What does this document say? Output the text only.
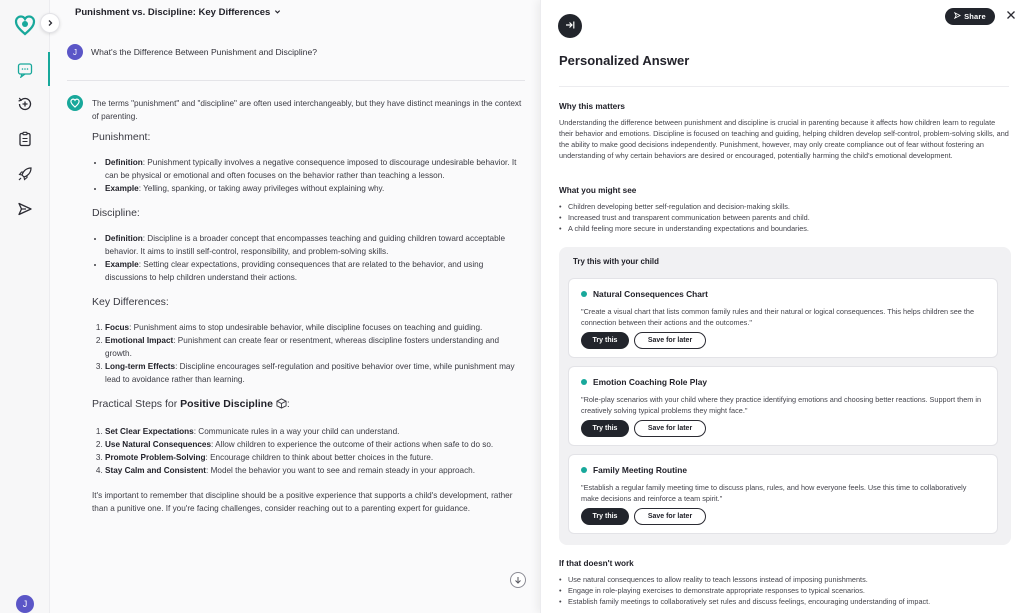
J
Punishment vs. Discipline: Key Differences
J	What's the Difference Between Punishment and Discipline?

The terms "punishment" and "discipline" are often used interchangeably, but they have distinct meanings in the context of parenting.

Punishment:
• Definition: Punishment typically involves a negative consequence imposed to discourage undesirable behavior. It can be physical or emotional and often focuses on the behavior rather than teaching a lesson.
• Example: Yelling, spanking, or taking away privileges without explaining why.
Discipline:
• Definition: Discipline is a broader concept that encompasses teaching and guiding children toward acceptable behavior. It aims to instill self-control, responsibility, and problem-solving skills.
• Example: Setting clear expectations, providing consequences that are related to the behavior, and using discussions to help children understand their actions.
Key Differences:
1. Focus: Punishment aims to stop undesirable behavior, while discipline focuses on teaching and guiding.
2. Emotional Impact: Punishment can create fear or resentment, whereas discipline fosters understanding and growth.
3. Long-term Effects: Discipline encourages self-regulation and positive behavior over time, while punishment may lead to avoidance rather than learning.
Practical Steps for Positive Discipline :
1. Set Clear Expectations: Communicate rules in a way your child can understand.
2. Use Natural Consequences: Allow children to experience the outcome of their actions when safe to do so.
3. Promote Problem-Solving: Encourage children to think about better choices in the future.
4. Stay Calm and Consistent: Model the behavior you want to see and remain steady in your approach.

It's important to remember that discipline should be a positive experience that supports a child's development, rather than a punitive one. If you're facing challenges, consider reaching out to a parenting expert for guidance.

Share
Personalized Answer
Why this matters
Understanding the difference between punishment and discipline is crucial in parenting because it affects how children learn to regulate their behavior and emotions. Discipline is focused on teaching and guiding, helping children develop self-control, problem-solving skills, and the ability to make good decisions independently. Punishment, however, may only create compliance out of fear without fostering an understanding of why certain behaviors are desired or encouraged, potentially harming the child's emotional development.
What you might see
• Children developing better self-regulation and decision-making skills.
• Increased trust and transparent communication between parents and child.
• A child feeling more secure in understanding expectations and boundaries.
Try this with your child
Natural Consequences Chart
"Create a visual chart that lists common family rules and their natural or logical consequences. This helps children see the connection between their actions and the outcomes."
Try this	Save for later
Emotion Coaching Role Play
"Role-play scenarios with your child where they practice identifying emotions and choosing better reactions. Support them in creatively solving typical problems they might face."
Try this	Save for later
Family Meeting Routine
"Establish a regular family meeting time to discuss plans, rules, and how everyone feels. Use this time to collaboratively make decisions and reinforce a team spirit."
Try this	Save for later
If that doesn't work
• Use natural consequences to allow reality to teach lessons instead of imposing punishments.
• Engage in role-playing exercises to demonstrate appropriate responses to typical scenarios.
• Establish family meetings to collaboratively set rules and discuss feelings, encouraging understanding of impact.
